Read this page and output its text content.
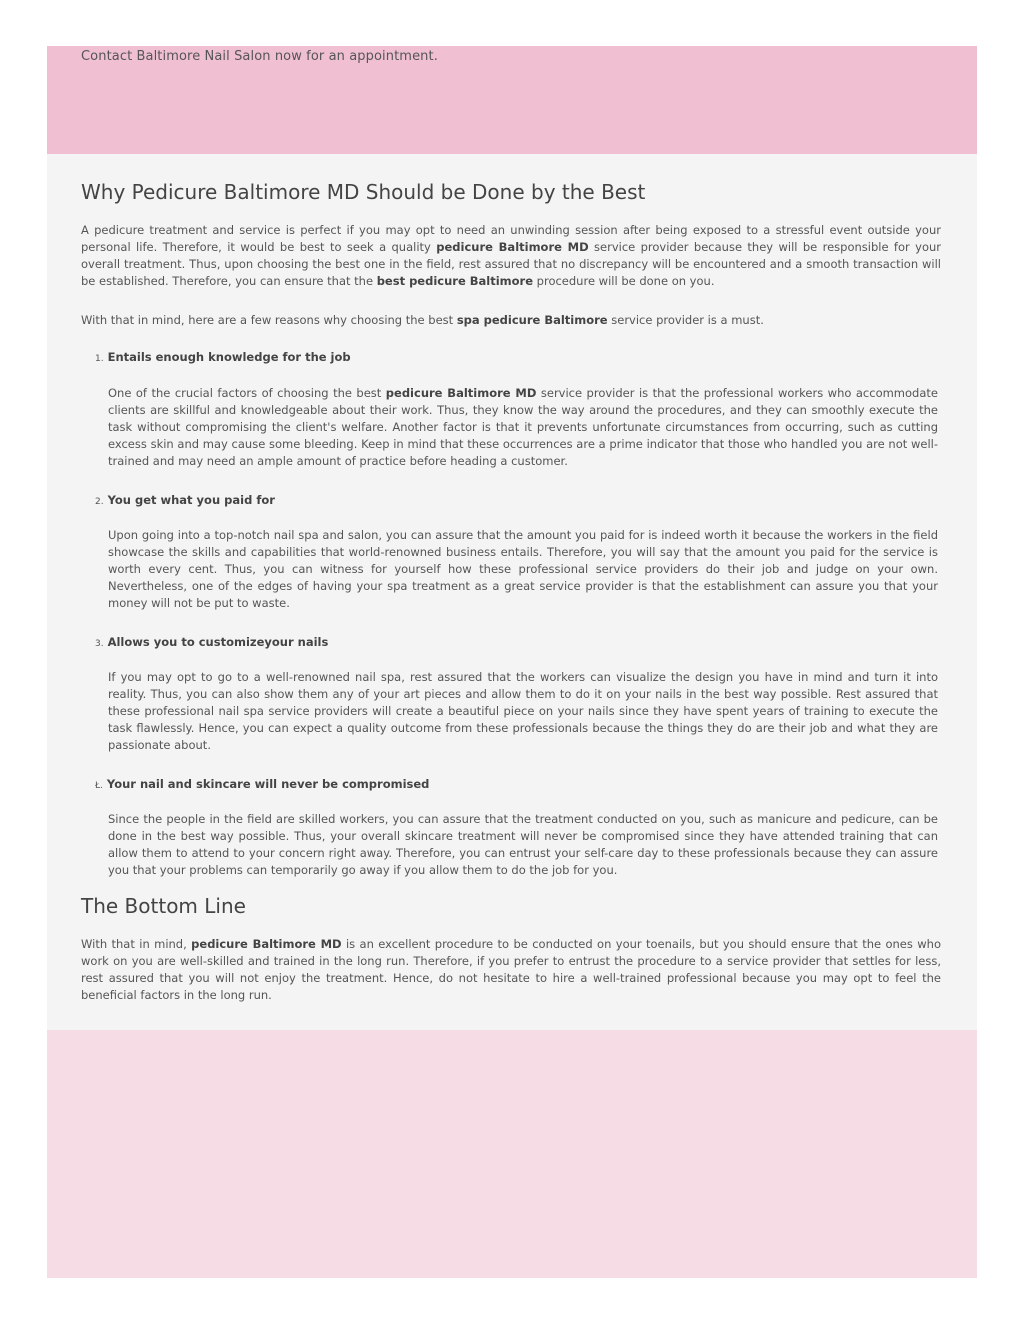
Contact Baltimore Nail Salon now for an appointment.
Why Pedicure Baltimore MD Should be Done by the Best

A pedicure treatment and service is perfect if you may opt to need an unwinding session after being exposed to a stressful event outside your personal life. Therefore, it would be best to seek a quality pedicure Baltimore MD service provider because they will be responsible for your overall treatment. Thus, upon choosing the best one in the field, rest assured that no discrepancy will be encountered and a smooth transaction will be established. Therefore, you can ensure that the best pedicure Baltimore procedure will be done on you.

With that in mind, here are a few reasons why choosing the best spa pedicure Baltimore service provider is a must.

1. Entails enough knowledge for the job

One of the crucial factors of choosing the best pedicure Baltimore MD service provider is that the professional workers who accommodate clients are skillful and knowledgeable about their work. Thus, they know the way around the procedures, and they can smoothly execute the task without compromising the client's welfare. Another factor is that it prevents unfortunate circumstances from occurring, such as cutting excess skin and may cause some bleeding. Keep in mind that these occurrences are a prime indicator that those who handled you are not well-trained and may need an ample amount of practice before heading a customer.

2. You get what you paid for

Upon going into a top-notch nail spa and salon, you can assure that the amount you paid for is indeed worth it because the workers in the field showcase the skills and capabilities that world-renowned business entails. Therefore, you will say that the amount you paid for the service is worth every cent. Thus, you can witness for yourself how these professional service providers do their job and judge on your own. Nevertheless, one of the edges of having your spa treatment as a great service provider is that the establishment can assure you that your money will not be put to waste.

3. Allows you to customizeyour nails

If you may opt to go to a well-renowned nail spa, rest assured that the workers can visualize the design you have in mind and turn it into reality. Thus, you can also show them any of your art pieces and allow them to do it on your nails in the best way possible. Rest assured that these professional nail spa service providers will create a beautiful piece on your nails since they have spent years of training to execute the task flawlessly. Hence, you can expect a quality outcome from these professionals because the things they do are their job and what they are passionate about.

Ł. Your nail and skincare will never be compromised

Since the people in the field are skilled workers, you can assure that the treatment conducted on you, such as manicure and pedicure, can be done in the best way possible. Thus, your overall skincare treatment will never be compromised since they have attended training that can allow them to attend to your concern right away. Therefore, you can entrust your self-care day to these professionals because they can assure you that your problems can temporarily go away if you allow them to do the job for you.

The Bottom Line

With that in mind, pedicure Baltimore MD is an excellent procedure to be conducted on your toenails, but you should ensure that the ones who work on you are well-skilled and trained in the long run. Therefore, if you prefer to entrust the procedure to a service provider that settles for less, rest assured that you will not enjoy the treatment. Hence, do not hesitate to hire a well-trained professional because you may opt to feel the beneficial factors in the long run.
